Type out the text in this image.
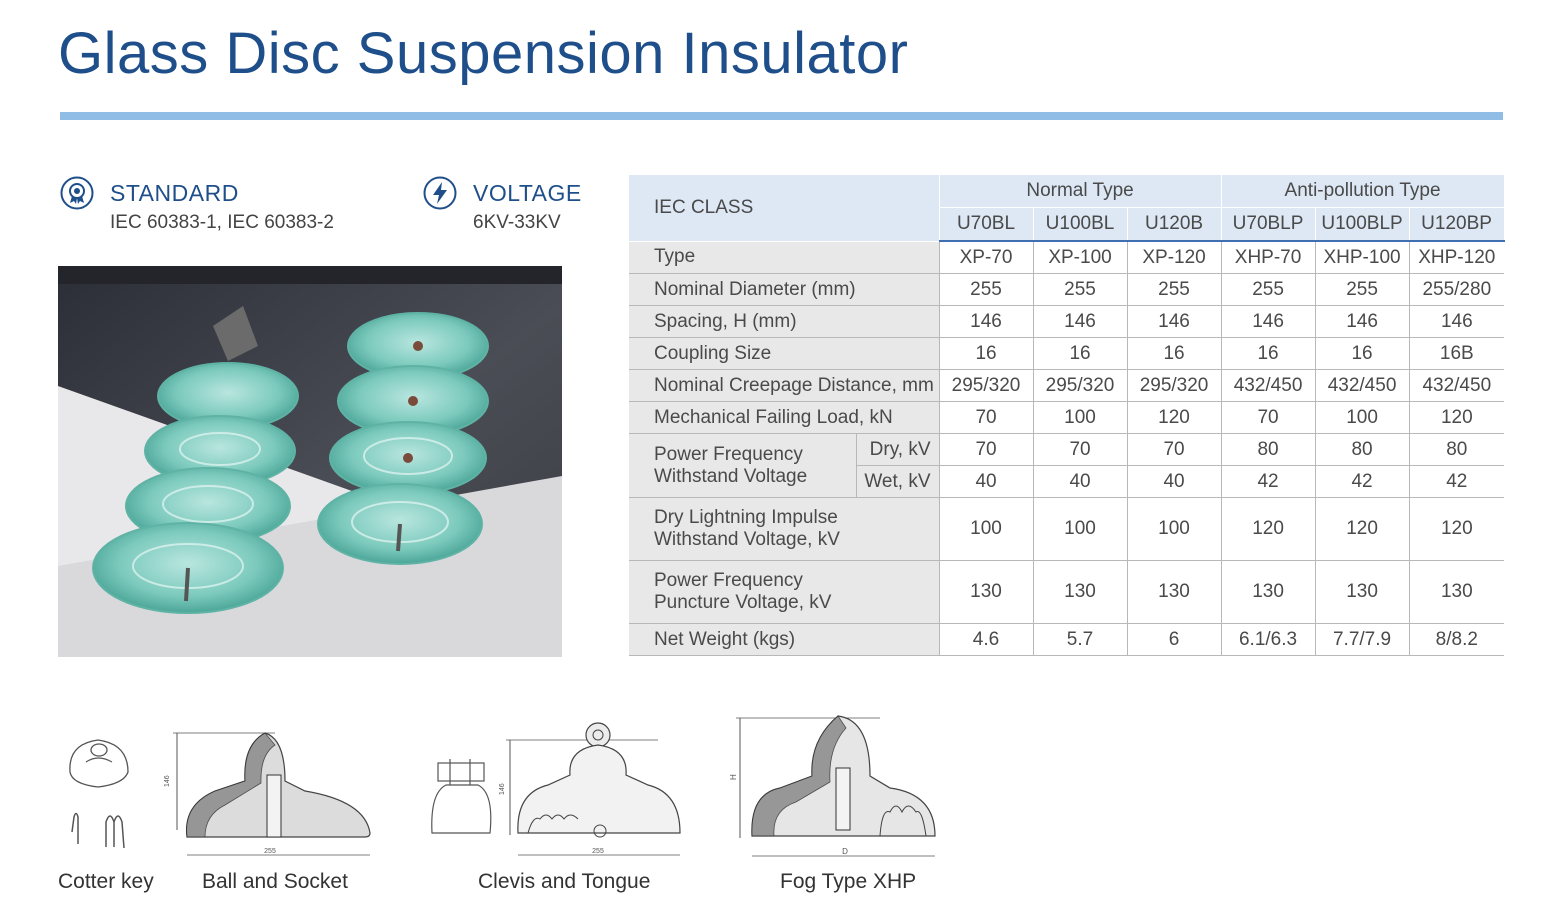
Glass Disc Suspension Insulator
STANDARD
IEC 60383-1, IEC 60383-2
VOLTAGE
6KV-33KV
IEC CLASS		Normal Type			Anti-pollution Type		
		U70BL	U100BL	U120B	U70BLP	U100BLP	U120BP
Type		XP-70	XP-100	XP-120	XHP-70	XHP-100	XHP-120
Nominal Diameter (mm)		255	255	255	255	255	255/280
Spacing, H (mm)		146	146	146	146	146	146
Coupling Size		16	16	16	16	16	16B
Nominal Creepage Distance, mm		295/320	295/320	295/320	432/450	432/450	432/450
Mechanical Failing Load, kN		70	100	120	70	100	120
Power Frequency Withstand Voltage	Dry, kV	70	70	70	80	80	80
	Wet, kV	40	40	40	42	42	42
Dry Lightning Impulse Withstand Voltage, kV		100	100	100	120	120	120
Power Frequency Puncture Voltage, kV		130	130	130	130	130	130
Net Weight (kgs)		4.6	5.7	6	6.1/6.3	7.7/7.9	8/8.2
146
255
146
255
H
D
Cotter key Ball and Socket	Clevis and Tongue	Fog Type XHP
